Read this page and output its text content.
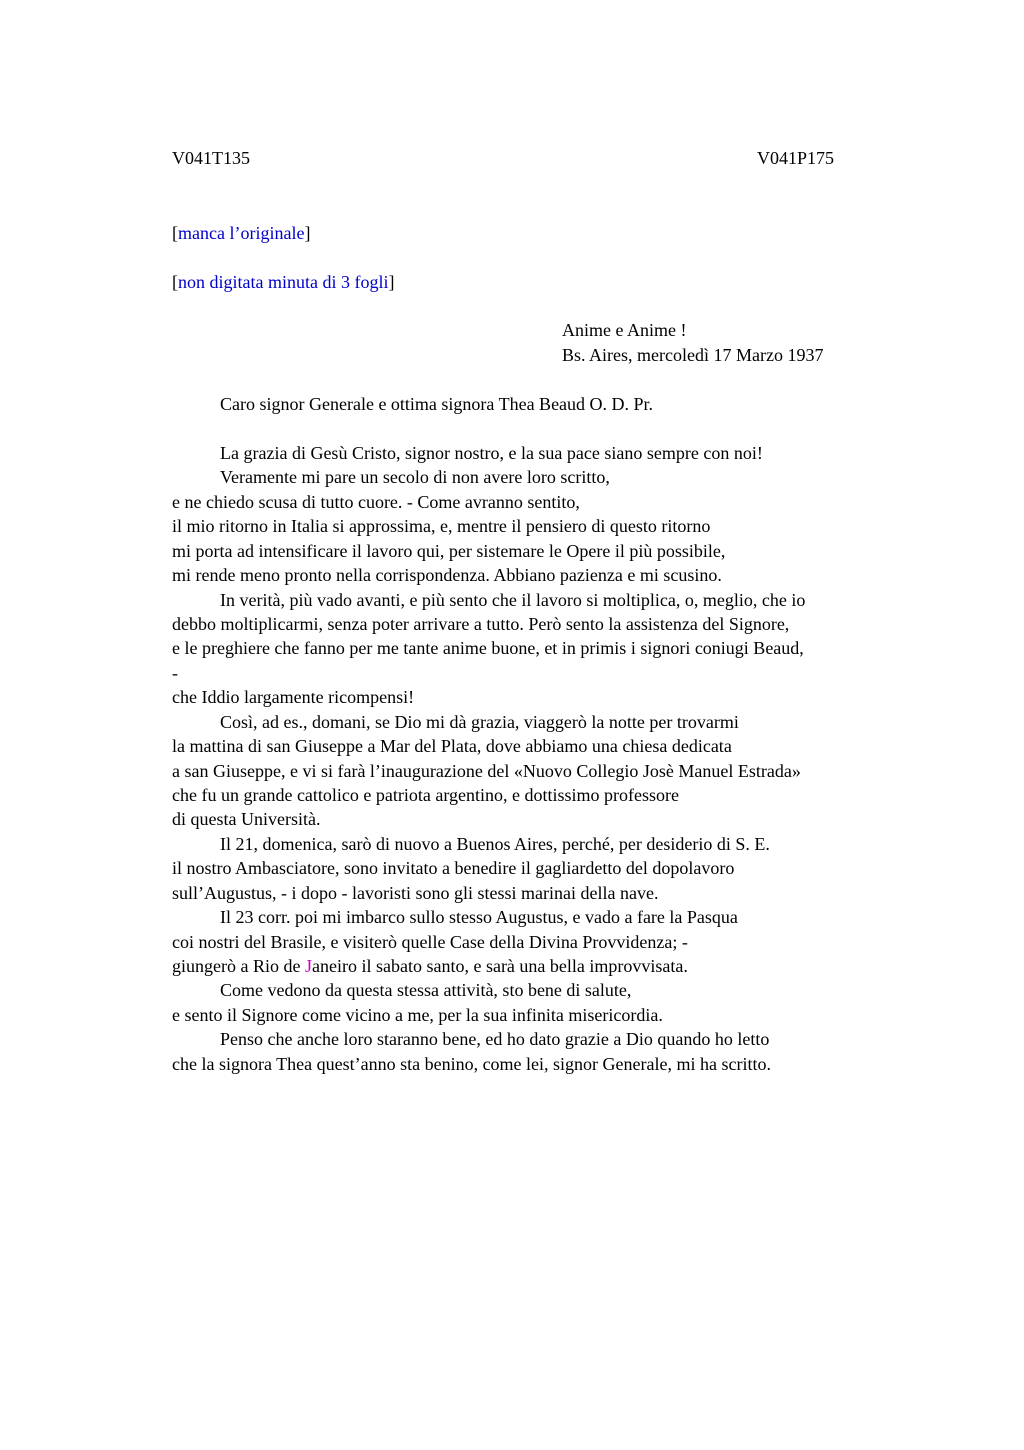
V041T135	V041P175
[manca l’originale]
[non digitata minuta di 3 fogli]
Anime e Anime !
Bs. Aires, mercoledì 17 Marzo 1937
Caro signor Generale e ottima signora Thea Beaud O. D. Pr.
La grazia di Gesù Cristo, signor nostro, e la sua pace siano sempre con noi!
Veramente mi pare un secolo di non avere loro scritto,
e ne chiedo scusa di tutto cuore. - Come avranno sentito,
il mio ritorno in Italia si approssima, e, mentre il pensiero di questo ritorno
mi porta ad intensificare il lavoro qui, per sistemare le Opere il più possibile,
mi rende meno pronto nella corrispondenza. Abbiano pazienza e mi scusino.
In verità, più vado avanti, e più sento che il lavoro si moltiplica, o, meglio, che io
debbo moltiplicarmi, senza poter arrivare a tutto. Però sento la assistenza del Signore,
e le preghiere che fanno per me tante anime buone, et in primis i signori coniugi Beaud,
-
che Iddio largamente ricompensi!
Così, ad es., domani, se Dio mi dà grazia, viaggerò la notte per trovarmi
la mattina di san Giuseppe a Mar del Plata, dove abbiamo una chiesa dedicata
a san Giuseppe, e vi si farà l’inaugurazione del «Nuovo Collegio Josè Manuel Estrada»
che fu un grande cattolico e patriota argentino, e dottissimo professore
di questa Università.
Il 21, domenica, sarò di nuovo a Buenos Aires, perché, per desiderio di S. E.
il nostro Ambasciatore, sono invitato a benedire il gagliardetto del dopolavoro
sull’Augustus, - i dopo - lavoristi sono gli stessi marinai della nave.
Il 23 corr. poi mi imbarco sullo stesso Augustus, e vado a fare la Pasqua
coi nostri del Brasile, e visiterò quelle Case della Divina Provvidenza; -
giungerò a Rio de Janeiro il sabato santo, e sarà una bella improvvisata.
Come vedono da questa stessa attività, sto bene di salute,
e sento il Signore come vicino a me, per la sua infinita misericordia.
Penso che anche loro staranno bene, ed ho dato grazie a Dio quando ho letto
che la signora Thea quest’anno sta benino, come lei, signor Generale, mi ha scritto.
